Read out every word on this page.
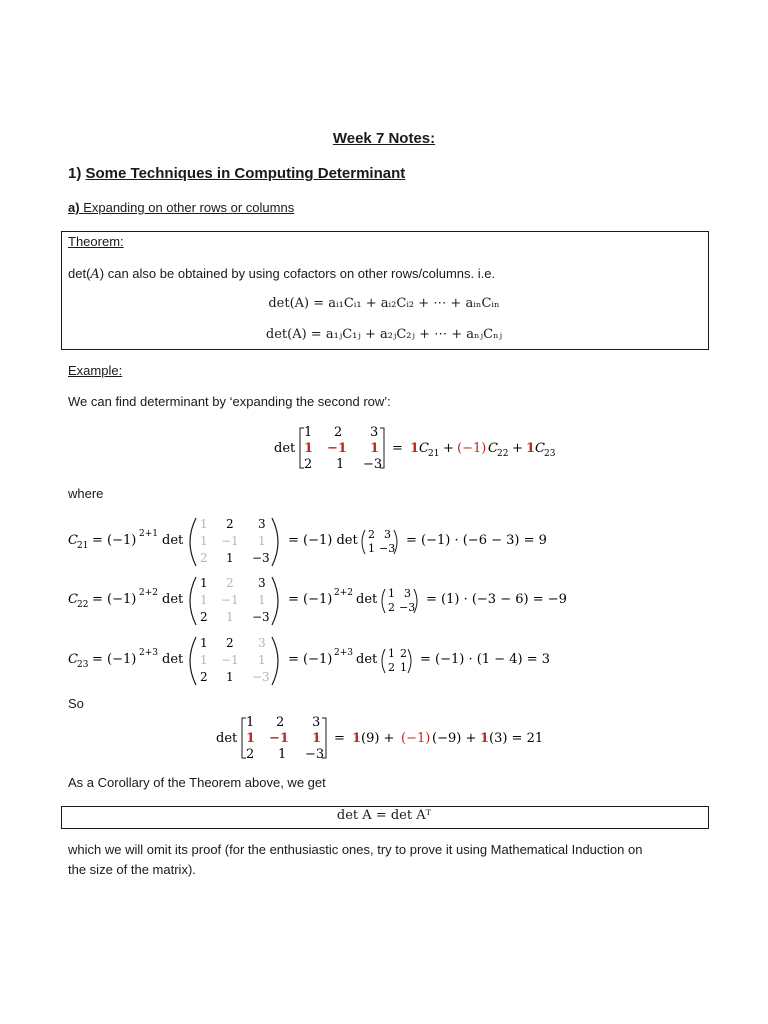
Week 7 Notes:
1) Some Techniques in Computing Determinant
a) Expanding on other rows or columns
Theorem:
det(A) can also be obtained by using cofactors on other rows/columns. i.e.
det(A) = aᵢ₁Cᵢ₁ + aᵢ₂Cᵢ₂ + ⋯ + aᵢₙCᵢₙ
det(A) = a₁ⱼC₁ⱼ + a₂ⱼC₂ⱼ + ⋯ + aₙⱼCₙⱼ
Example:
We can find determinant by ‘expanding the second row’:
det
1 2 3
1 −1 1
2 1 −3
= 1 C 21 + (−1) C 22 + 1 C 23
where
C 21 = (−1) 2+1 det
1 2 3
1 −1 1
2 1 −3
= (−1) det 2 3
1 −3
= (−1) · (−6 − 3) = 9
C 22 = (−1) 2+2 det
1 2 3
1 −1 1
2 1 −3
= (−1) 2+2 det 1 3
2 −3
= (1) · (−3 − 6) = −9
C 23 = (−1) 2+3 det
1 2 3
1 −1 1
2 1 −3
= (−1) 2+3 det 1 2
2 1
= (−1) · (1 − 4) = 3
So
det
1 2 3
1 −1 1
2 1 −3
= 1 (9) + (−1) (−9) + 1 (3) = 21
As a Corollary of the Theorem above, we get
det A = det Aᵀ
which we will omit its proof (for the enthusiastic ones, try to prove it using Mathematical Induction on
the size of the matrix).
